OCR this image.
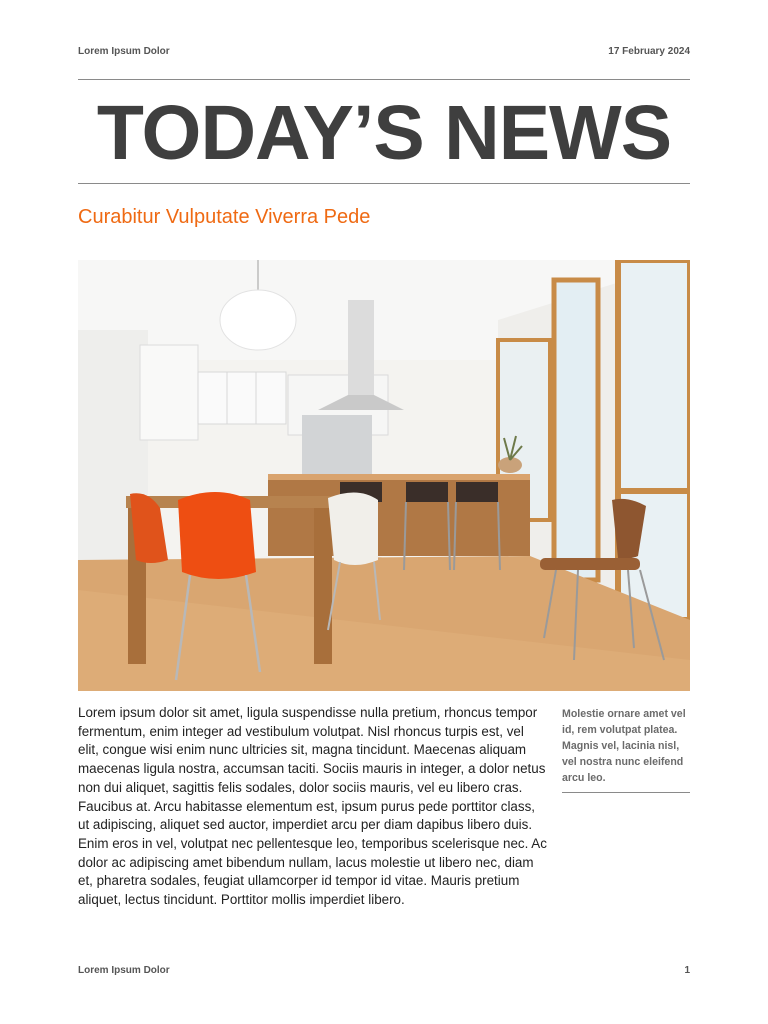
Lorem Ipsum Dolor	17 February 2024
TODAY’S NEWS
Curabitur Vulputate Viverra Pede

Lorem ipsum dolor sit amet, ligula suspendisse nulla pretium, rhoncus tempor fermentum, enim integer ad vestibulum volutpat. Nisl rhoncus turpis est, vel elit, congue wisi enim nunc ultricies sit, magna tincidunt. Maecenas aliquam maecenas ligula nostra, accumsan taciti. Sociis mauris in integer, a dolor netus non dui aliquet, sagittis felis sodales, dolor sociis mauris, vel eu libero cras. Faucibus at. Arcu habitasse elementum est, ipsum purus pede porttitor class, ut adipiscing, aliquet sed auctor, imperdiet arcu per diam dapibus libero duis. Enim eros in vel, volutpat nec pellentesque leo, temporibus scelerisque nec. Ac dolor ac adipiscing amet bibendum nullam, lacus molestie ut libero nec, diam et, pharetra sodales, feugiat ullamcorper id tempor id vitae. Mauris pretium aliquet, lectus tincidunt. Porttitor mollis imperdiet libero.

Molestie ornare amet vel id, rem volutpat platea. Magnis vel, lacinia nisl, vel nostra nunc eleifend arcu leo.
Lorem Ipsum Dolor	1
